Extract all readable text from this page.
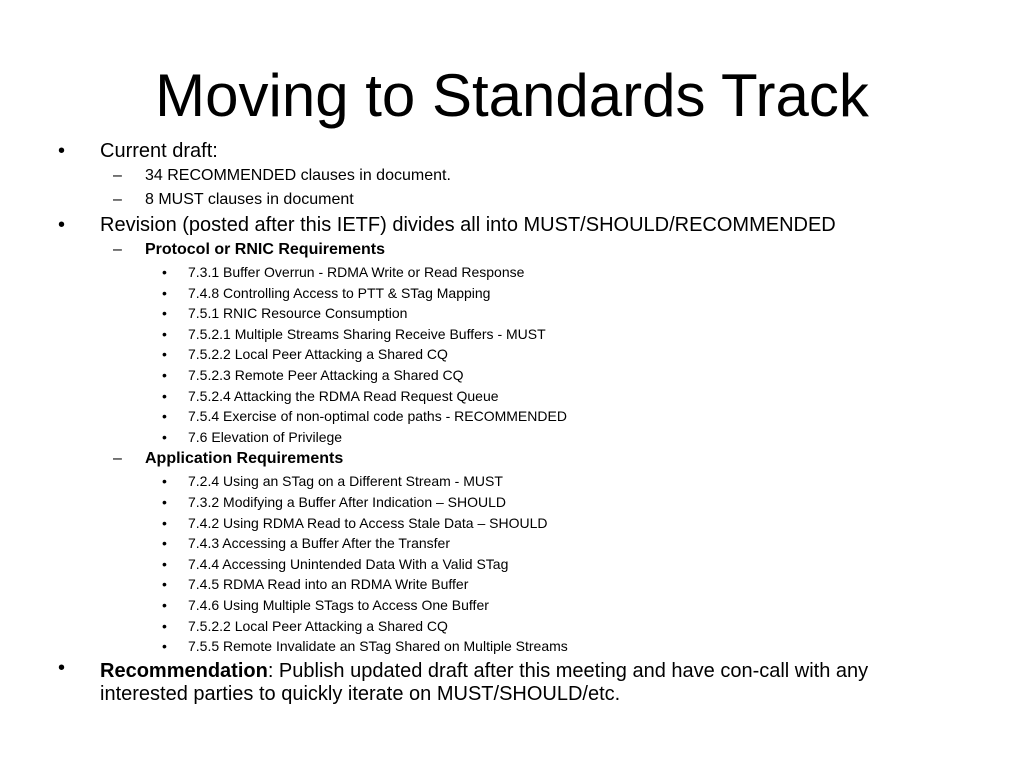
Moving to Standards Track
• Current draft:
– 34 RECOMMENDED clauses in document.
– 8 MUST clauses in document
• Revision (posted after this IETF) divides all into MUST/SHOULD/RECOMMENDED
– Protocol or RNIC Requirements
• 7.3.1 Buffer Overrun - RDMA Write or Read Response
• 7.4.8 Controlling Access to PTT & STag Mapping
• 7.5.1 RNIC Resource Consumption
• 7.5.2.1 Multiple Streams Sharing Receive Buffers - MUST
• 7.5.2.2 Local Peer Attacking a Shared CQ
• 7.5.2.3 Remote Peer Attacking a Shared CQ
• 7.5.2.4 Attacking the RDMA Read Request Queue
• 7.5.4 Exercise of non-optimal code paths - RECOMMENDED
• 7.6 Elevation of Privilege
– Application Requirements
• 7.2.4 Using an STag on a Different Stream - MUST
• 7.3.2 Modifying a Buffer After Indication – SHOULD
• 7.4.2 Using RDMA Read to Access Stale Data – SHOULD
• 7.4.3 Accessing a Buffer After the Transfer
• 7.4.4 Accessing Unintended Data With a Valid STag
• 7.4.5 RDMA Read into an RDMA Write Buffer
• 7.4.6 Using Multiple STags to Access One Buffer
• 7.5.2.2 Local Peer Attacking a Shared CQ
• 7.5.5 Remote Invalidate an STag Shared on Multiple Streams
• Recommendation: Publish updated draft after this meeting and have con-call with any interested parties to quickly iterate on MUST/SHOULD/etc.
